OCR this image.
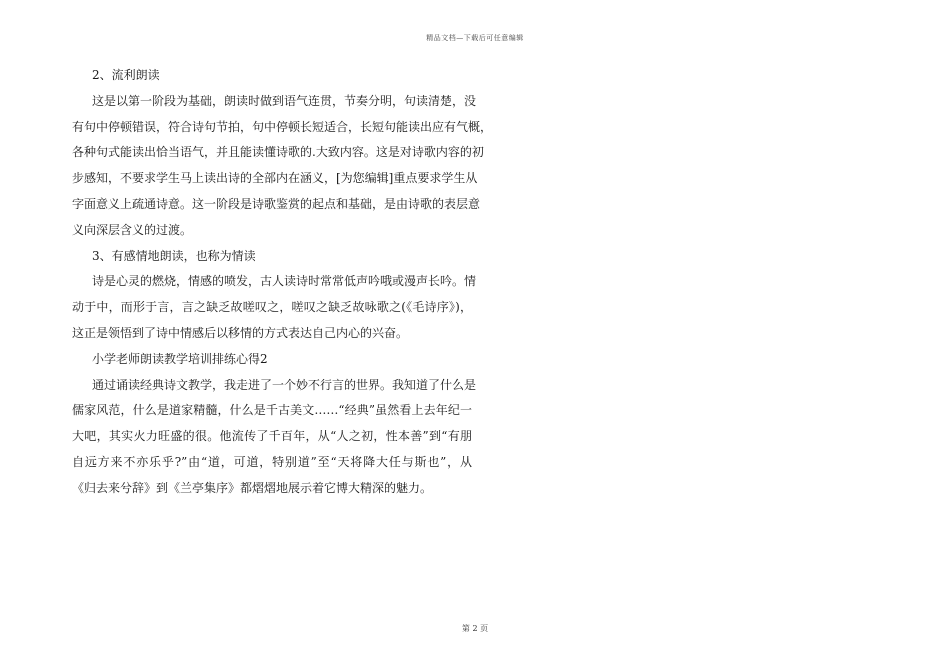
精品文档—下载后可任意编辑
2、流利朗读
这是以第一阶段为基础，朗读时做到语气连贯，节奏分明，句读清楚，没
有句中停顿错误，符合诗句节拍，句中停顿长短适合，长短句能读出应有气概，
各种句式能读出恰当语气，并且能读懂诗歌的.大致内容。这是对诗歌内容的初
步感知，不要求学生马上读出诗的全部内在涵义，[为您编辑]重点要求学生从
字面意义上疏通诗意。这一阶段是诗歌鉴赏的起点和基础，是由诗歌的表层意
义向深层含义的过渡。
3、有感情地朗读，也称为情读
诗是心灵的燃烧，情感的喷发，古人读诗时常常低声吟哦或漫声长吟。情
动于中，而形于言，言之缺乏故嗟叹之，嗟叹之缺乏故咏歌之(《毛诗序》)，
这正是领悟到了诗中情感后以移情的方式表达自己内心的兴奋。
小学老师朗读教学培训排练心得2
通过诵读经典诗文教学，我走进了一个妙不行言的世界。我知道了什么是
儒家风范，什么是道家精髓，什么是千古美文……“经典”虽然看上去年纪一
大吧，其实火力旺盛的很。他流传了千百年，从“人之初，性本善”到“有朋
自远方来不亦乐乎?”由“道，可道，特别道”至“天将降大任与斯也”，从
《归去来兮辞》到《兰亭集序》都熠熠地展示着它博大精深的魅力。
第 2 页
